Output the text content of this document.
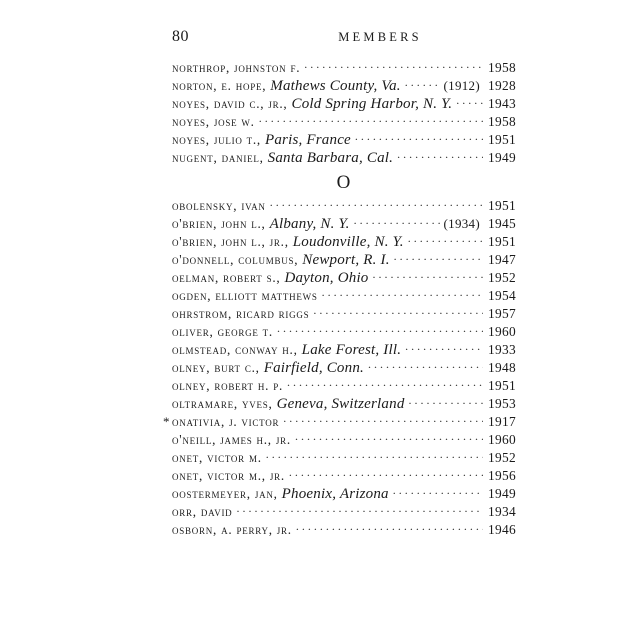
80	MEMBERS
O
northrop, johnston f. .....	1958
norton, e. hope, Mathews County, Va. .....	(1912) 1928
noyes, david c., jr., Cold Spring Harbor, N. Y. .....	1943
noyes, jose w. .....	1958
noyes, julio t., Paris, France .....	1951
nugent, daniel, Santa Barbara, Cal. .....	1949
obolensky, ivan .....	1951
o'brien, john l., Albany, N. Y. .....	(1934) 1945
o'brien, john l., jr., Loudonville, N. Y. .....	1951
o'donnell, columbus, Newport, R. I. .....	1947
oelman, robert s., Dayton, Ohio .....	1952
ogden, elliott matthews .....	1954
ohrstrom, ricard riggs .....	1957
oliver, george t. .....	1960
olmstead, conway h., Lake Forest, Ill. .....	1933
olney, burt c., Fairfield, Conn. .....	1948
olney, robert h. p. .....	1951
oltramare, yves, Geneva, Switzerland .....	1953
* onativia, j. victor .....	1917
o'neill, james h., jr. .....	1960
onet, victor m. .....	1952
onet, victor m., jr. .....	1956
oostermeyer, jan, Phoenix, Arizona .....	1949
orr, david .....	1934
osborn, a. perry, jr. .....	1946
